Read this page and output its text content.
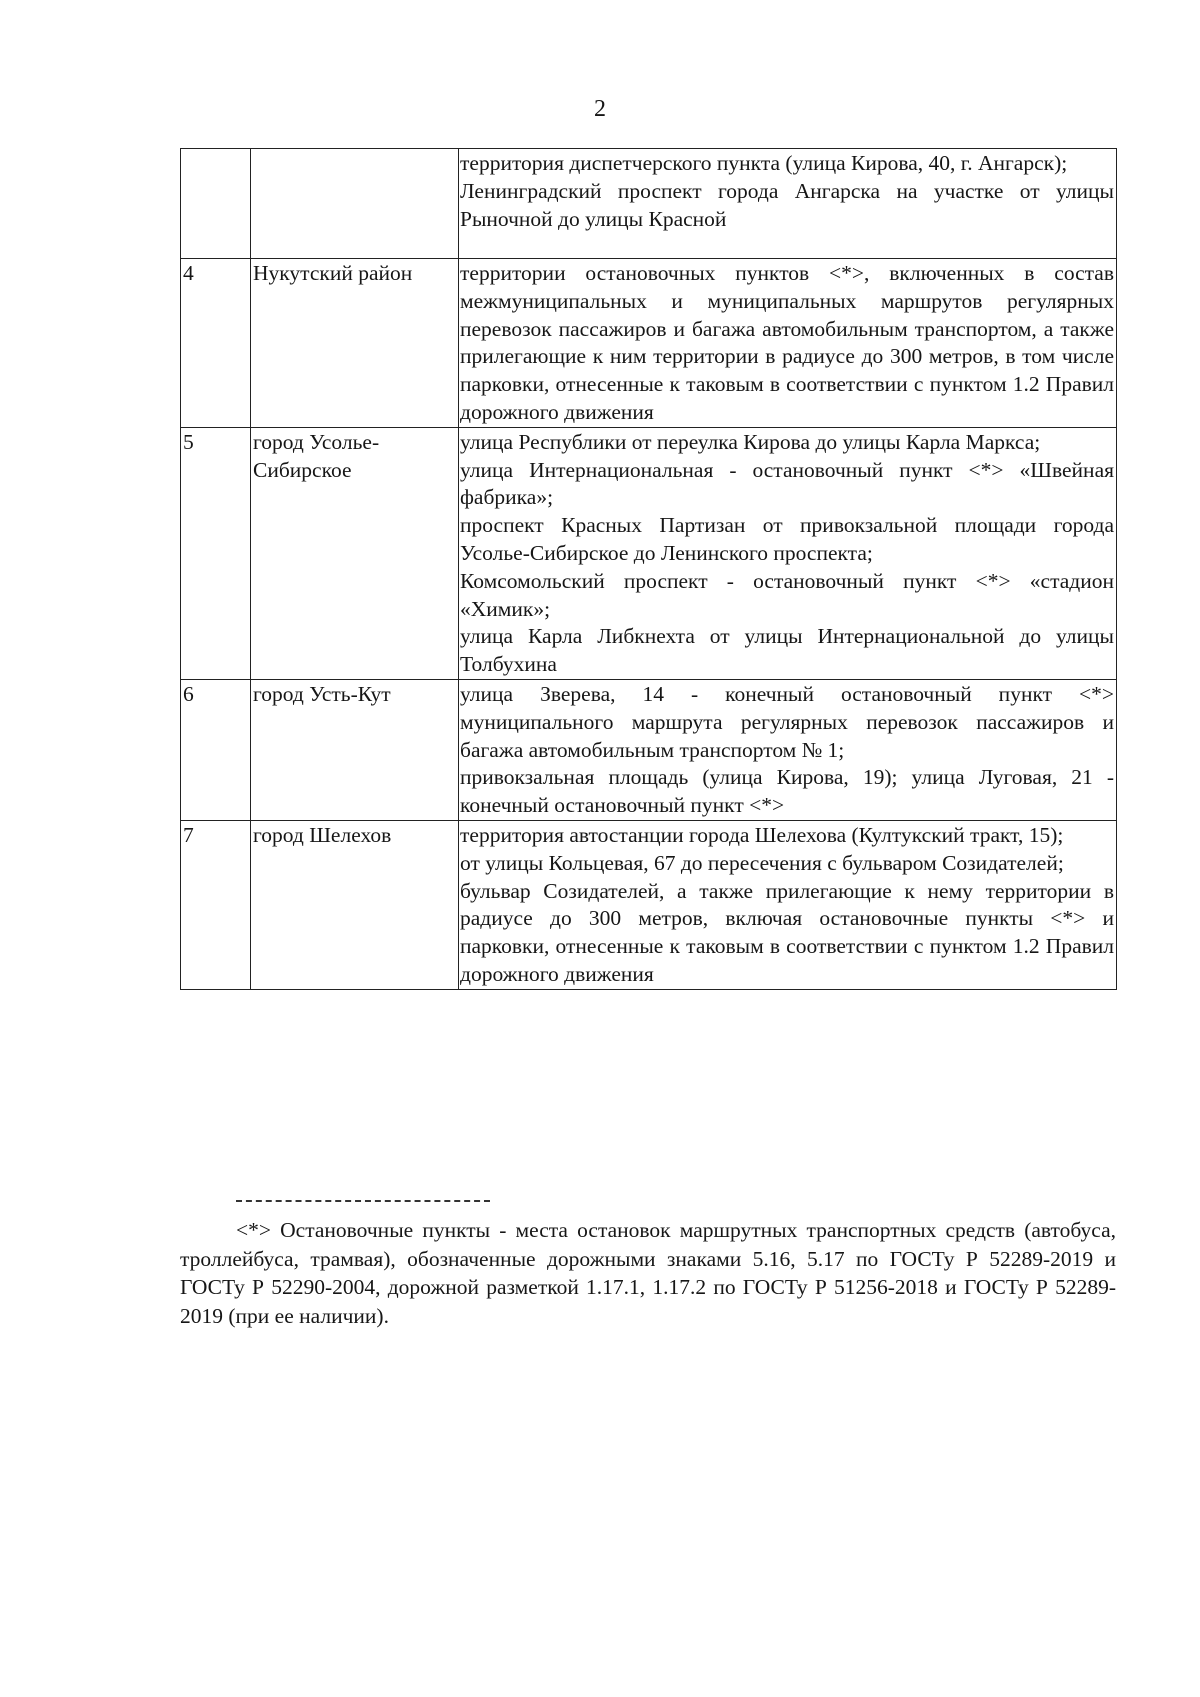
2

		территория диспетчерского пункта (улица Кирова, 40, г. Ангарск);
Ленинградский проспект города Ангарска на участке от улицы Рыночной до улицы Красной

4	Нукутский район	территории остановочных пунктов <*>, включенных в состав межмуниципальных и муниципальных маршрутов регулярных перевозок пассажиров и багажа автомобильным транспортом, а также прилегающие к ним территории в радиусе до 300 метров, в том числе парковки, отнесенные к таковым в соответствии с пунктом 1.2 Правил дорожного движения

5	город Усолье-Сибирское	улица Республики от переулка Кирова до улицы Карла Маркса;
улица Интернациональная - остановочный пункт <*> «Швейная фабрика»;
проспект Красных Партизан от привокзальной площади города Усолье-Сибирское до Ленинского проспекта;
Комсомольский проспект - остановочный пункт <*> «стадион «Химик»;
улица Карла Либкнехта от улицы Интернациональной до улицы Толбухина

6	город Усть-Кут	улица Зверева, 14 - конечный остановочный пункт <*> муниципального маршрута регулярных перевозок пассажиров и багажа автомобильным транспортом № 1;
привокзальная площадь (улица Кирова, 19); улица Луговая, 21 - конечный остановочный пункт <*>

7	город Шелехов	территория автостанции города Шелехова (Култукский тракт, 15);
от улицы Кольцевая, 67 до пересечения с бульваром Созидателей;
бульвар Созидателей, а также прилегающие к нему территории в радиусе до 300 метров, включая остановочные пункты <*> и парковки, отнесенные к таковым в соответствии с пунктом 1.2 Правил дорожного движения
<*> Остановочные пункты - места остановок маршрутных транспортных средств (автобуса, троллейбуса, трамвая), обозначенные дорожными знаками 5.16, 5.17 по ГОСТу Р 52289-2019 и ГОСТу Р 52290-2004, дорожной разметкой 1.17.1, 1.17.2 по ГОСТу Р 51256-2018 и ГОСТу Р 52289-2019 (при ее наличии).
